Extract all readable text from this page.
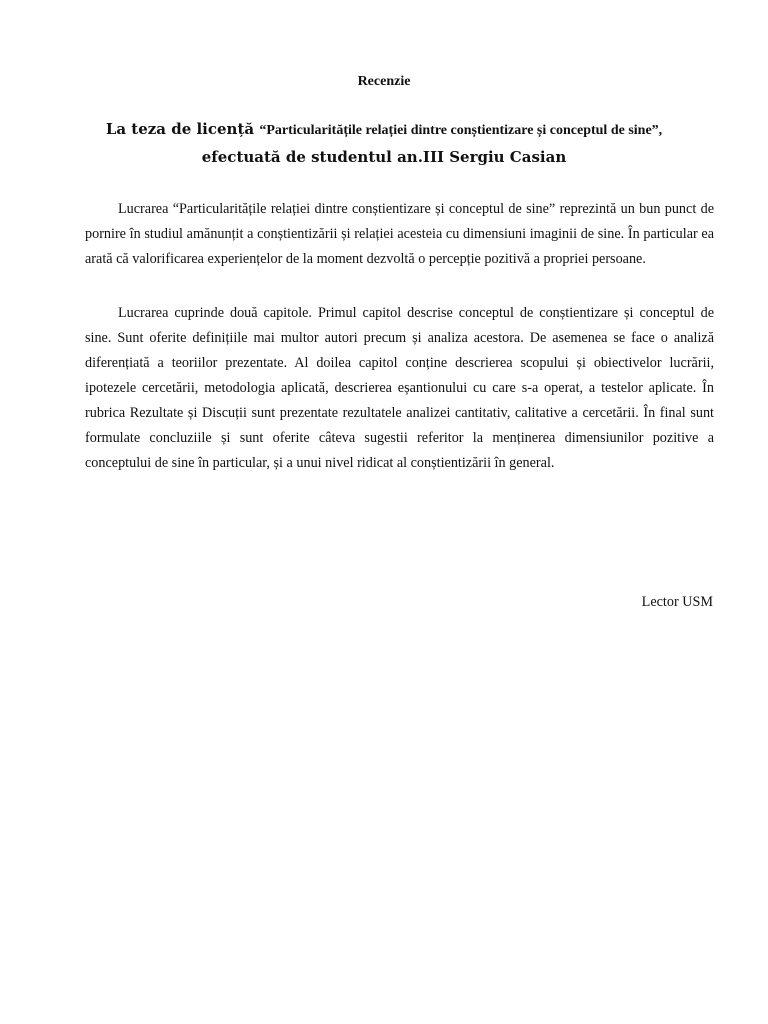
Recenzie
La teza de licență “Particularitățile relației dintre conștientizare și conceptul de sine”,
efectuată de studentul an.III Sergiu Casian

Lucrarea “Particularitățile relației dintre conștientizare și conceptul de sine” reprezintă un bun punct de pornire în studiul amănunțit a conștientizării și relației acesteia cu dimensiuni imaginii de sine. În particular ea arată că valorificarea experiențelor de la moment dezvoltă o percepție pozitivă a propriei persoane.

Lucrarea cuprinde două capitole. Primul capitol descrise conceptul de conștientizare și conceptul de sine. Sunt oferite definițiile mai multor autori precum și analiza acestora. De asemenea se face o analiză diferențiată a teoriilor prezentate. Al doilea capitol conține descrierea scopului și obiectivelor lucrării, ipotezele cercetării, metodologia aplicată, descrierea eșantionului cu care s-a operat, a testelor aplicate. În rubrica Rezultate și Discuții sunt prezentate rezultatele analizei cantitativ, calitative a cercetării. În final sunt formulate concluziile și sunt oferite câteva sugestii referitor la menținerea dimensiunilor pozitive a conceptului de sine în particular, și a unui nivel ridicat al conștientizării în general.

Lector USM
